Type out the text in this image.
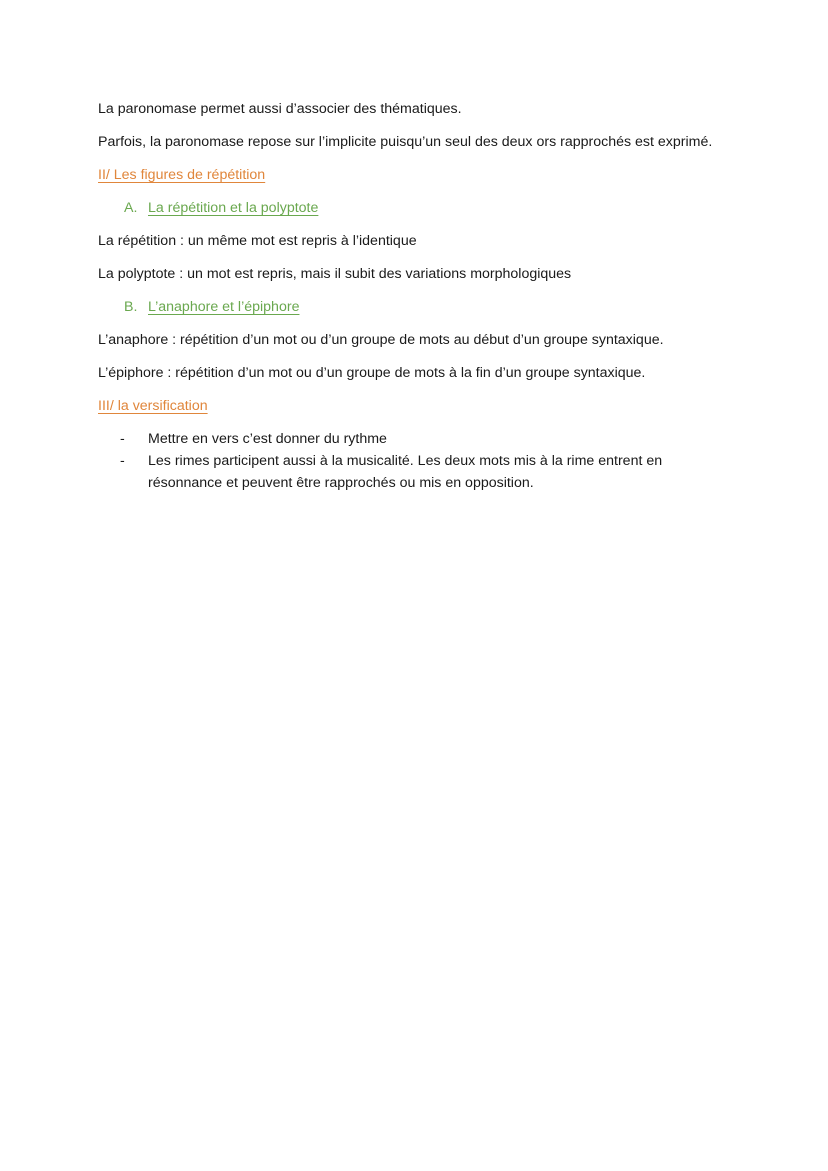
La paronomase permet aussi d’associer des thématiques.

Parfois, la paronomase repose sur l’implicite puisqu’un seul des deux ors rapprochés est exprimé.

II/ Les figures de répétition
A. La répétition et la polyptote

La répétition : un même mot est repris à l’identique

La polyptote : un mot est repris, mais il subit des variations morphologiques

B. L’anaphore et l’épiphore

L’anaphore : répétition d’un mot ou d’un groupe de mots au début d’un groupe syntaxique.

L’épiphore : répétition d’un mot ou d’un groupe de mots à la fin d’un groupe syntaxique.

III/ la versification
-	Mettre en vers c’est donner du rythme
-	Les rimes participent aussi à la musicalité. Les deux mots mis à la rime entrent en résonnance et peuvent être rapprochés ou mis en opposition.
